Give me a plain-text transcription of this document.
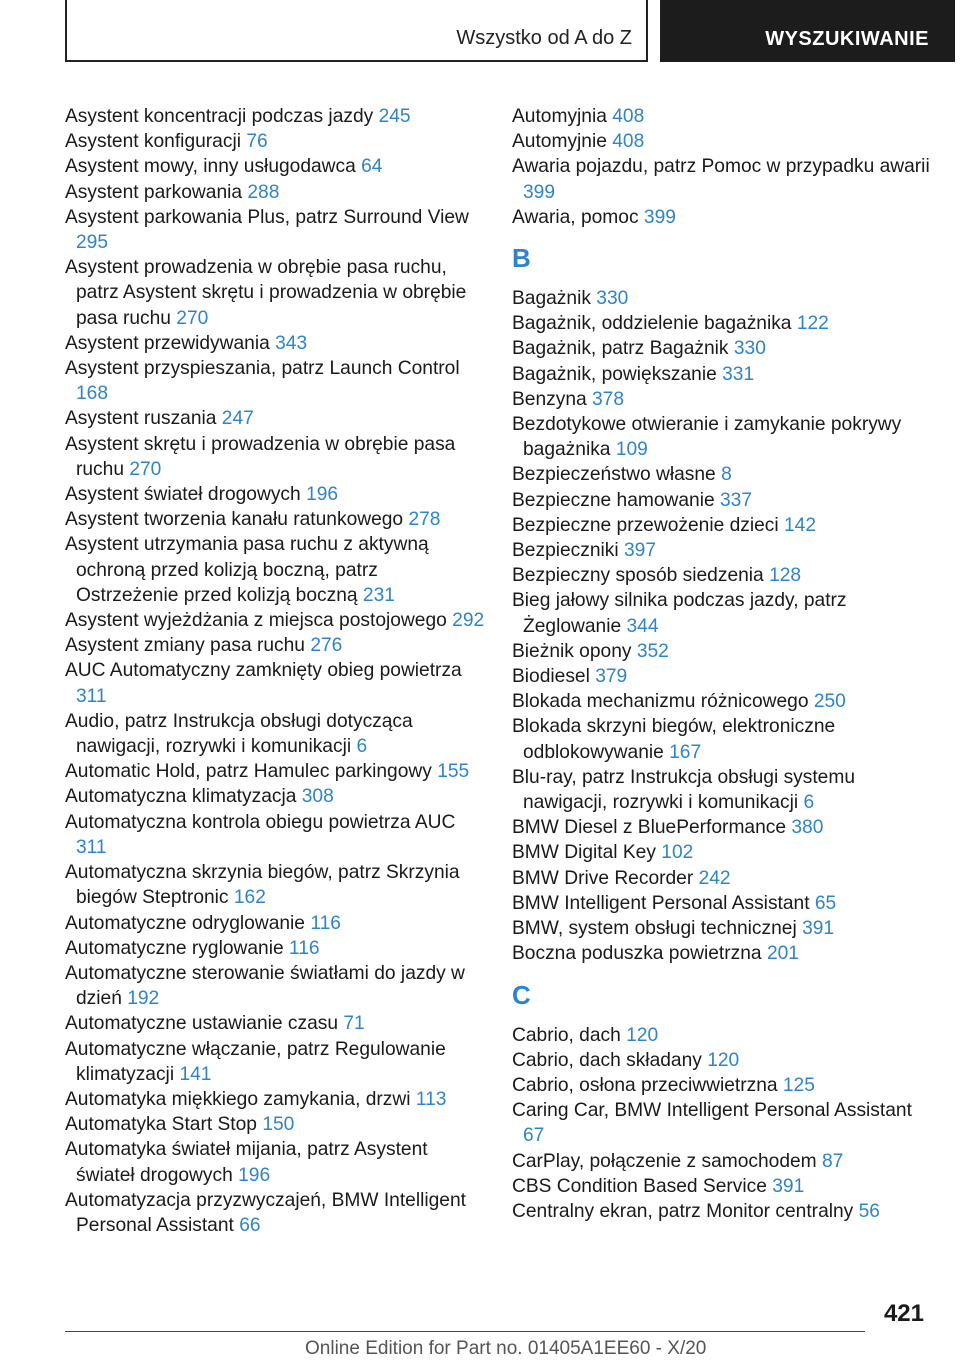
Wszystko od A do Z	WYSZUKIWANIE
Asystent koncentracji podczas jazdy 245
Asystent konfiguracji 76
Asystent mowy, inny usługodawca 64
Asystent parkowania 288
Asystent parkowania Plus, patrz Surround View 295
Asystent prowadzenia w obrębie pasa ruchu, patrz Asystent skrętu i prowadzenia w obrębie pasa ruchu 270
Asystent przewidywania 343
Asystent przyspieszania, patrz Launch Control 168
Asystent ruszania 247
Asystent skrętu i prowadzenia w obrębie pasa ruchu 270
Asystent świateł drogowych 196
Asystent tworzenia kanału ratunkowego 278
Asystent utrzymania pasa ruchu z aktywną ochroną przed kolizją boczną, patrz Ostrzeżenie przed kolizją boczną 231
Asystent wyjeżdżania z miejsca postojowego 292
Asystent zmiany pasa ruchu 276
AUC Automatyczny zamknięty obieg powietrza 311
Audio, patrz Instrukcja obsługi dotycząca nawigacji, rozrywki i komunikacji 6
Automatic Hold, patrz Hamulec parkingowy 155
Automatyczna klimatyzacja 308
Automatyczna kontrola obiegu powietrza AUC 311
Automatyczna skrzynia biegów, patrz Skrzynia biegów Steptronic 162
Automatyczne odryglowanie 116
Automatyczne ryglowanie 116
Automatyczne sterowanie światłami do jazdy w dzień 192
Automatyczne ustawianie czasu 71
Automatyczne włączanie, patrz Regulowanie klimatyzacji 141
Automatyka miękkiego zamykania, drzwi 113
Automatyka Start Stop 150
Automatyka świateł mijania, patrz Asystent świateł drogowych 196
Automatyzacja przyzwyczajeń, BMW Intelligent Personal Assistant 66
Automyjnia 408
Automyjnie 408
Awaria pojazdu, patrz Pomoc w przypadku awarii 399
Awaria, pomoc 399
B
Bagażnik 330
Bagażnik, oddzielenie bagażnika 122
Bagażnik, patrz Bagażnik 330
Bagażnik, powiększanie 331
Benzyna 378
Bezdotykowe otwieranie i zamykanie pokrywy bagażnika 109
Bezpieczeństwo własne 8
Bezpieczne hamowanie 337
Bezpieczne przewożenie dzieci 142
Bezpieczniki 397
Bezpieczny sposób siedzenia 128
Bieg jałowy silnika podczas jazdy, patrz Żeglowanie 344
Bieżnik opony 352
Biodiesel 379
Blokada mechanizmu różnicowego 250
Blokada skrzyni biegów, elektroniczne odblokowywanie 167
Blu-ray, patrz Instrukcja obsługi systemu nawigacji, rozrywki i komunikacji 6
BMW Diesel z BluePerformance 380
BMW Digital Key 102
BMW Drive Recorder 242
BMW Intelligent Personal Assistant 65
BMW, system obsługi technicznej 391
Boczna poduszka powietrzna 201
C
Cabrio, dach 120
Cabrio, dach składany 120
Cabrio, osłona przeciwwietrzna 125
Caring Car, BMW Intelligent Personal Assistant 67
CarPlay, połączenie z samochodem 87
CBS Condition Based Service 391
Centralny ekran, patrz Monitor centralny 56
421
Online Edition for Part no. 01405A1EE60 - X/20
